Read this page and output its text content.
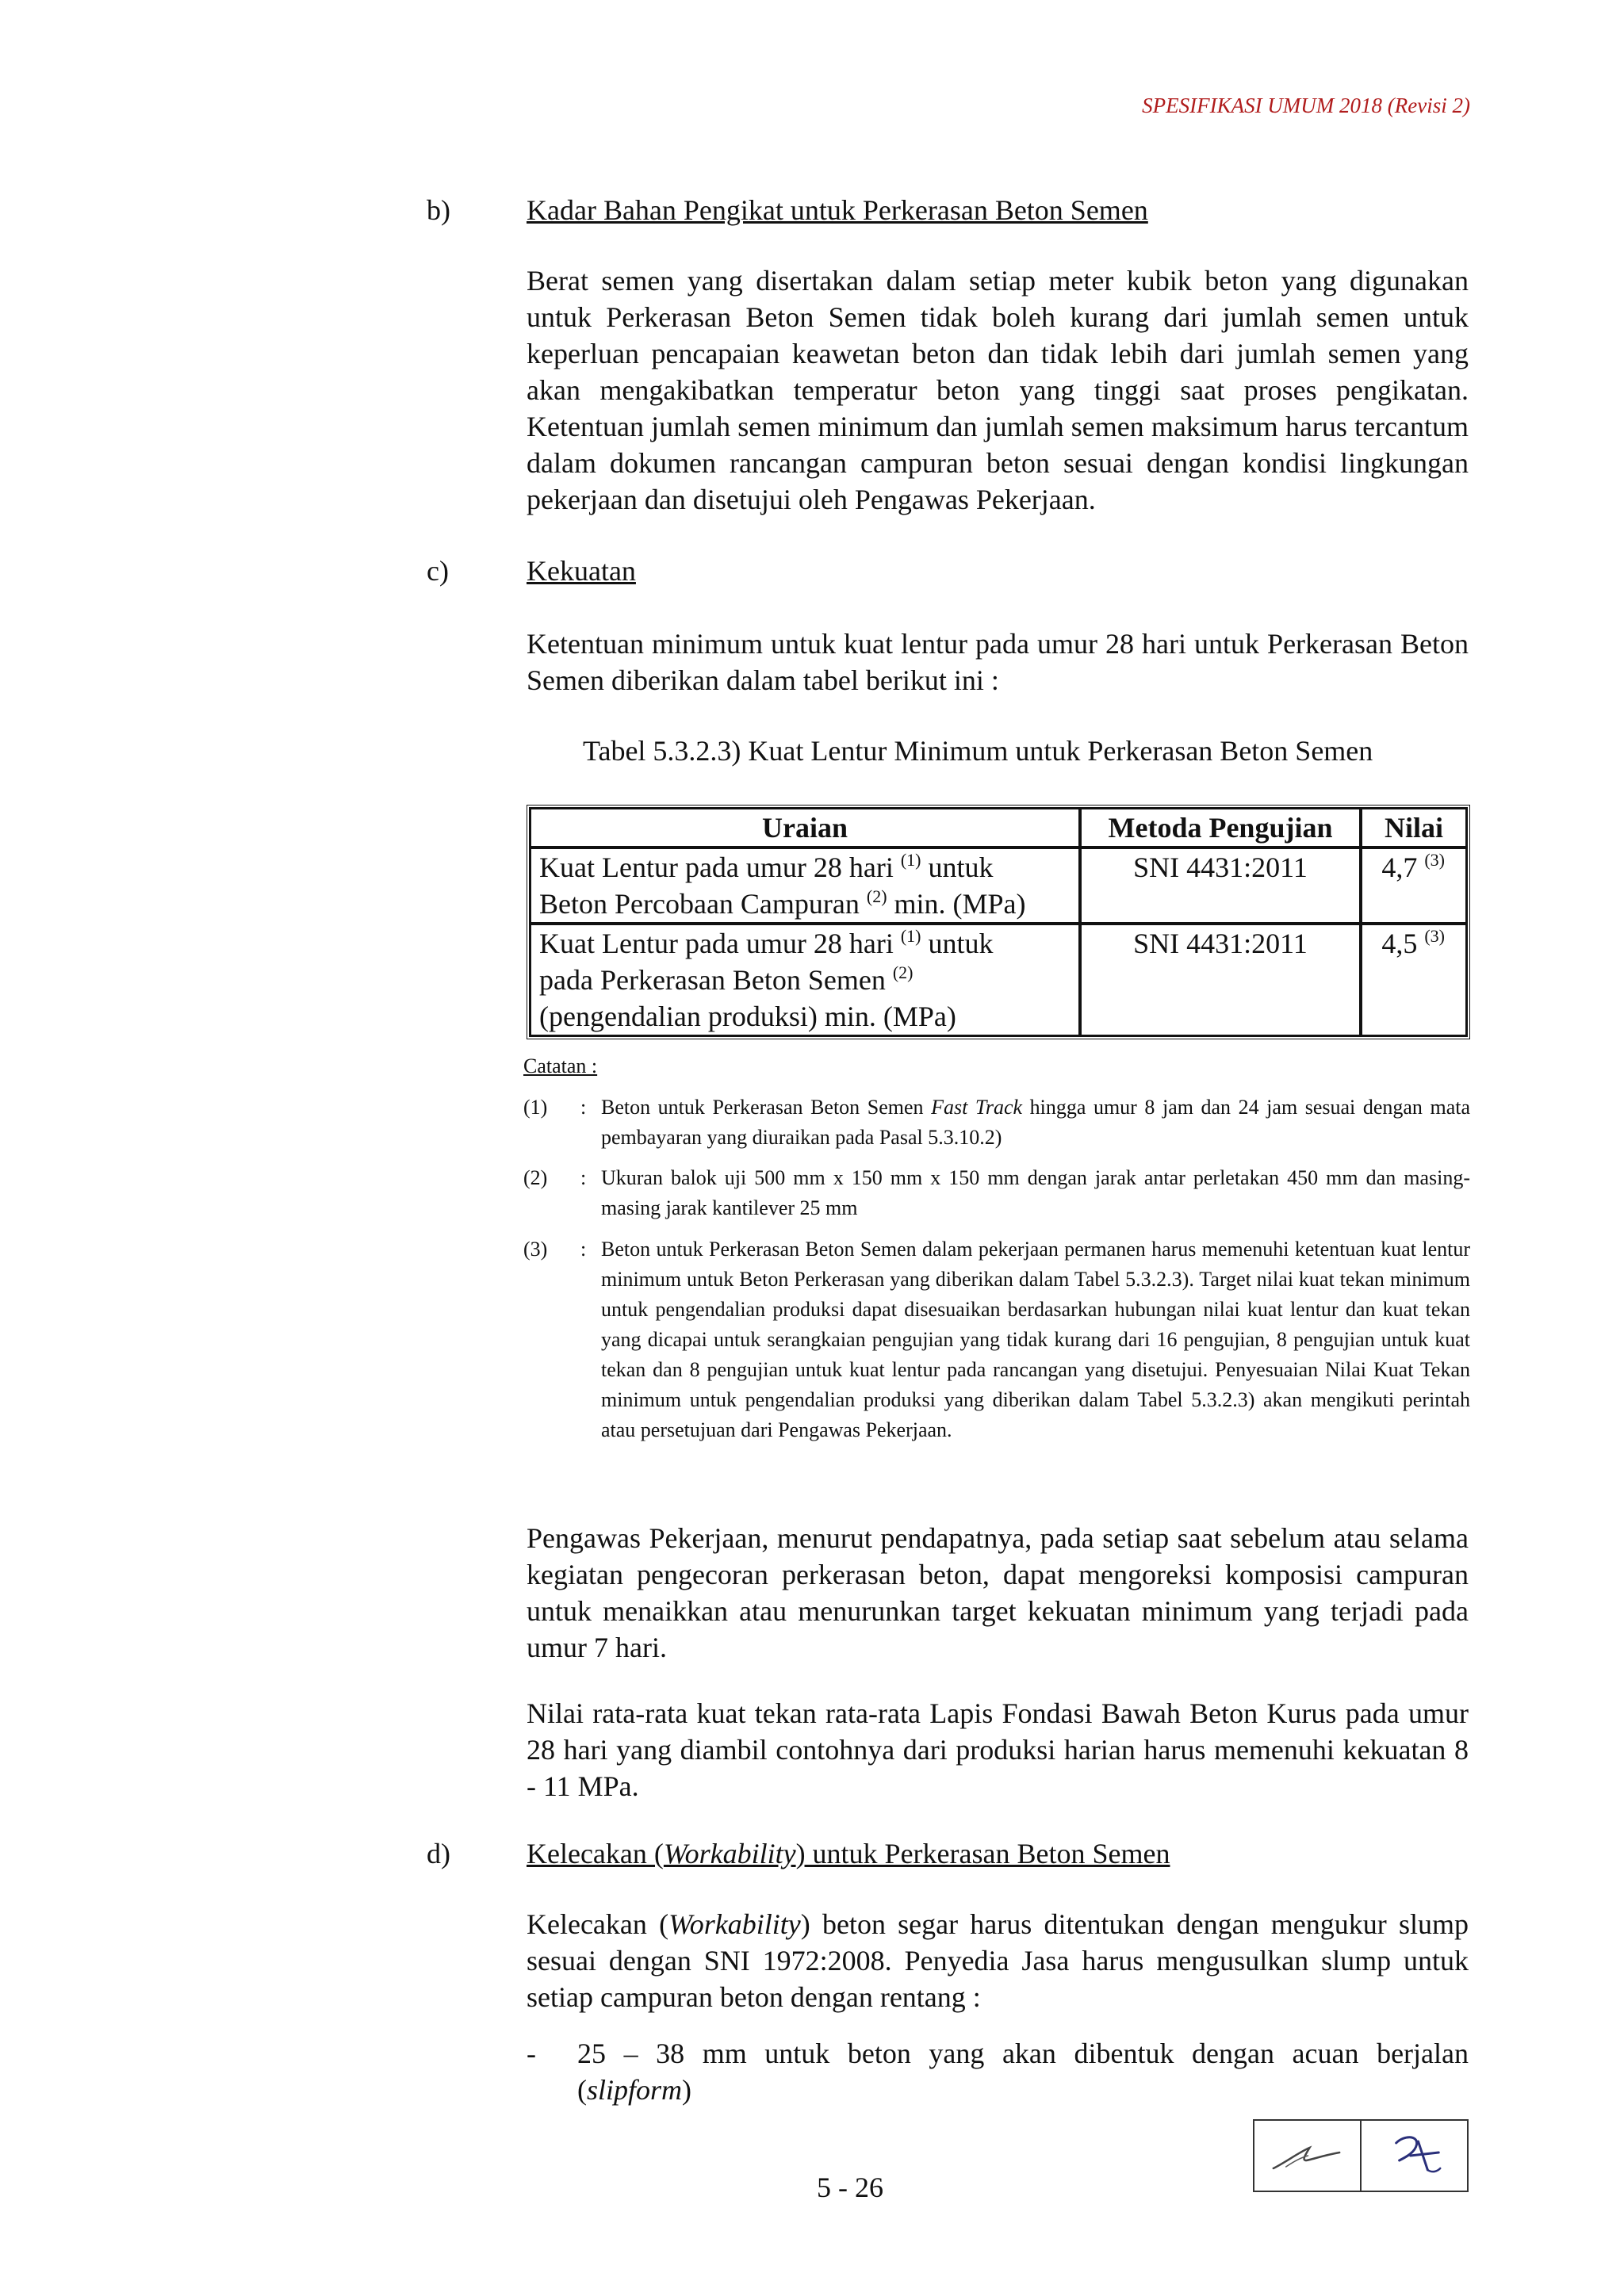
SPESIFIKASI UMUM 2018 (Revisi 2)
b)	Kadar Bahan Pengikat untuk Perkerasan Beton Semen

Berat semen yang disertakan dalam setiap meter kubik beton yang digunakan untuk Perkerasan Beton Semen tidak boleh kurang dari jumlah semen untuk keperluan pencapaian keawetan beton dan tidak lebih dari jumlah semen yang akan mengakibatkan temperatur beton yang tinggi saat proses pengikatan. Ketentuan jumlah semen minimum dan jumlah semen maksimum harus tercantum dalam dokumen rancangan campuran beton sesuai dengan kondisi lingkungan pekerjaan dan disetujui oleh Pengawas Pekerjaan.

c)	Kekuatan

Ketentuan minimum untuk kuat lentur pada umur 28 hari untuk Perkerasan Beton Semen diberikan dalam tabel berikut ini :

Tabel 5.3.2.3) Kuat Lentur Minimum untuk Perkerasan Beton Semen
Uraian	Metoda Pengujian	Nilai

Kuat Lentur pada umur 28 hari $^{(1)}$ untuk
Beton Percobaan Campuran $^{(2)}$ min. (MPa)	SNI 4431:2011	4,7 $^{(3)}$

Kuat Lentur pada umur 28 hari $^{(1)}$ untuk
pada Perkerasan Beton Semen $^{(2)}$
(pengendalian produksi) min. (MPa)	SNI 4431:2011	4,5 $^{(3)}$
Catatan :
(1) : Beton untuk Perkerasan Beton Semen Fast Track hingga umur 8 jam dan 24 jam sesuai dengan mata pembayaran yang diuraikan pada Pasal 5.3.10.2)
(2) : Ukuran balok uji 500 mm x 150 mm x 150 mm dengan jarak antar perletakan 450 mm dan masing-masing jarak kantilever 25 mm
(3) : Beton untuk Perkerasan Beton Semen dalam pekerjaan permanen harus memenuhi ketentuan kuat lentur minimum untuk Beton Perkerasan yang diberikan dalam Tabel 5.3.2.3). Target nilai kuat tekan minimum untuk pengendalian produksi dapat disesuaikan berdasarkan hubungan nilai kuat lentur dan kuat tekan yang dicapai untuk serangkaian pengujian yang tidak kurang dari 16 pengujian, 8 pengujian untuk kuat tekan dan 8 pengujian untuk kuat lentur pada rancangan yang disetujui. Penyesuaian Nilai Kuat Tekan minimum untuk pengendalian produksi yang diberikan dalam Tabel 5.3.2.3) akan mengikuti perintah atau persetujuan dari Pengawas Pekerjaan.

Pengawas Pekerjaan, menurut pendapatnya, pada setiap saat sebelum atau selama kegiatan pengecoran perkerasan beton, dapat mengoreksi komposisi campuran untuk menaikkan atau menurunkan target kekuatan minimum yang terjadi pada umur 7 hari.

Nilai rata-rata kuat tekan rata-rata Lapis Fondasi Bawah Beton Kurus pada umur 28 hari yang diambil contohnya dari produksi harian harus memenuhi kekuatan 8 - 11 MPa.

d)	Kelecakan (Workability) untuk Perkerasan Beton Semen

Kelecakan (Workability) beton segar harus ditentukan dengan mengukur slump sesuai dengan SNI 1972:2008. Penyedia Jasa harus mengusulkan slump untuk setiap campuran beton dengan rentang :

- 25 – 38 mm untuk beton yang akan dibentuk dengan acuan berjalan (slipform)

5 - 26
